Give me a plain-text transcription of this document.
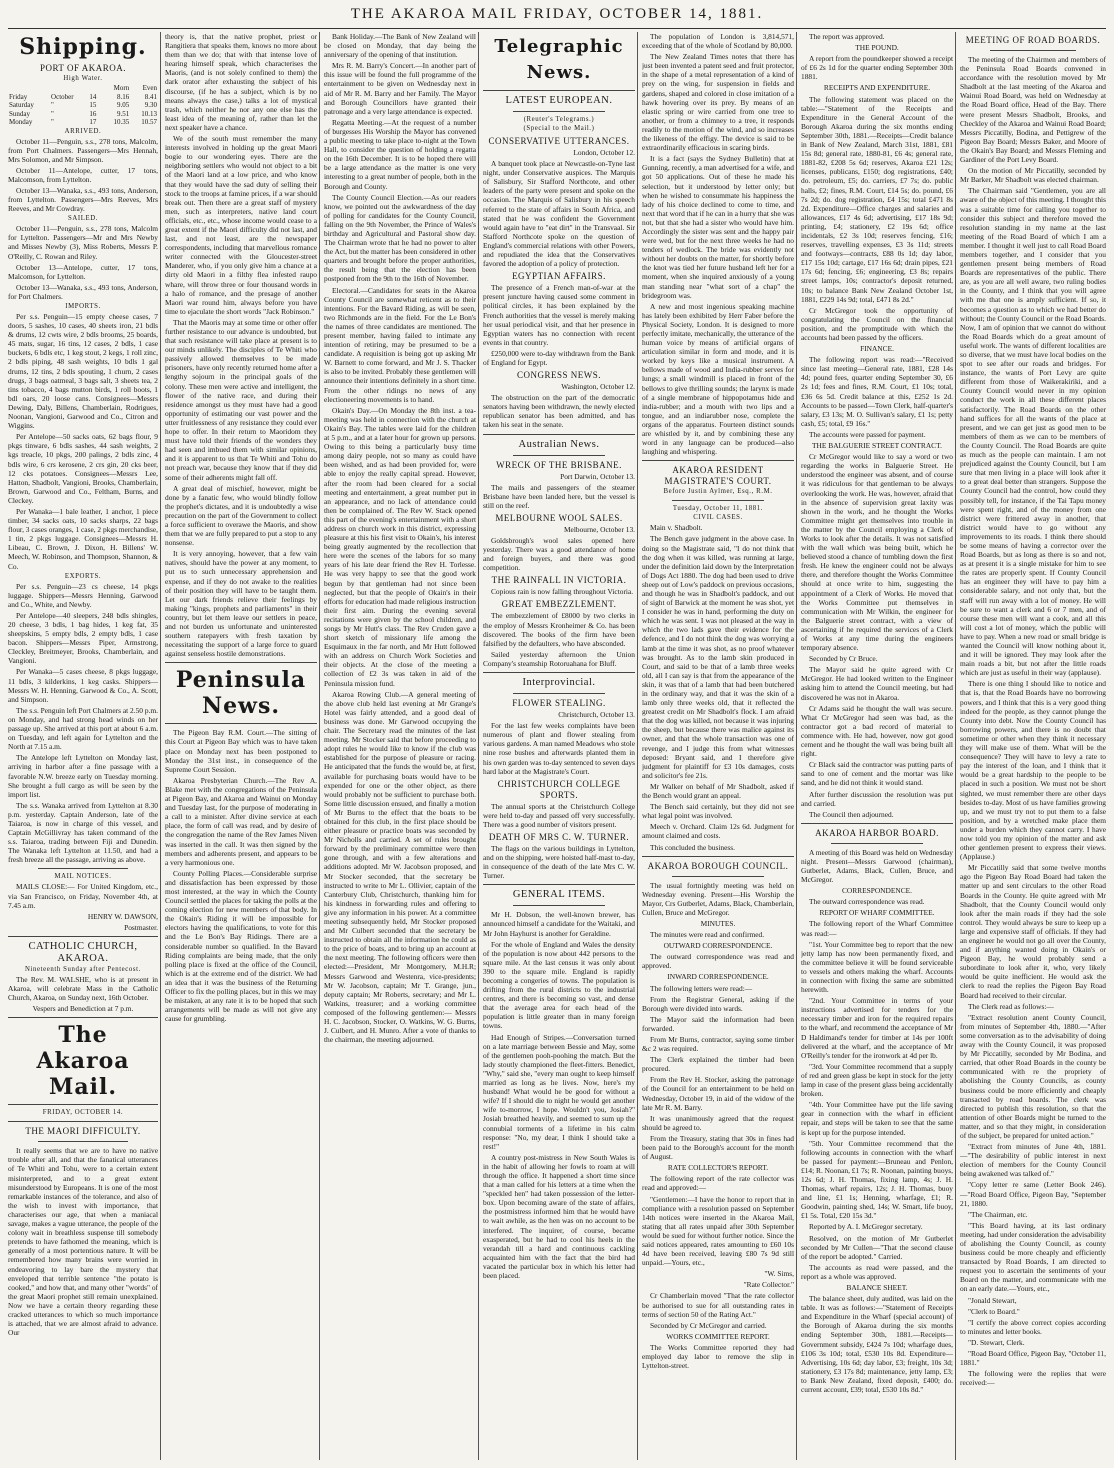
THE AKAROA MAIL FRIDAY, OCTOBER 14, 1881.
Shipping.
PORT OF AKAROA.
High Water.
			Morn	Even
Friday	October	14	8.16	8.41
Saturday	"	15	9.05	9.30
Sunday	"	16	9.51	10.13
Monday	"	17	10.35	10.57
ARRIVED.

October 11—Penguin, s.s., 278 tons, Malcolm, from Port Chalmers. Passengers—Mrs Hennah, Mrs Solomon, and Mr Simpson.

October 11—Antelope, cutter, 17 tons, Malcomson, from Lyttelton.

October 13—Wanaka, s.s., 493 tons, Anderson, from Lyttelton. Passengers—Mrs Reeves, Mrs Reeves, and Mr Cowdray.

SAILED.

October 11—Penguin, s.s., 278 tons, Malcolm for Lyttelton. Passengers—Mr and Mrs Newby and Misses Newby (3), Miss Roberts, Messrs P. O'Reilly, C. Rowan and Riley.

October 13—Antelope, cutter, 17 tons, Malcomson, for Lyttelton.

October 13—Wanaka, s.s., 493 tons, Anderson, for Port Chalmers.

IMPORTS.

Per s.s. Penguin—15 empty cheese cases, 7 doors, 5 sashes, 10 cases, 40 sheets iron, 21 bdls & drums, 12 cwts wire, 2 bdls brooms, 25 boards, 45 mats, sugar, 16 tins, 12 cases, 2 bdls, 1 case buckets, 6 bdls etc, 1 keg stout, 2 kegs, 1 roll zinc, 2 bdls piping, 48 sash weights, 10 bdls 1 gal drums, 12 tins, 2 bdls spouting, 1 churn, 2 cases drugs, 3 bags oatmeal, 3 bags salt, 3 sheets tea, 2 tins tobacco, 4 bags mutton birds, 1 roll boots, 1 bdl oars, 20 loose cans. Consignees—Messrs Dewing, Daly, Billens, Chamberlain, Rodrigues, Noonan, Vangioni, Garwood and Co., Citron and Wiggins.

Per Antelope—50 sacks oats, 62 bags flour, 9 pkgs tinware, 6 bdls sashes, 44 sash weights, 2 kgs treacle, 10 pkgs, 200 palings, 2 bdls zinc, 4 bdls wire, 6 crs kerosene, 2 crs gin, 20 cks beer, 12 cks potatoes. Consignees—Messrs Lee, Hatton, Shadbolt, Vangioni, Brooks, Chamberlain, Brown, Garwood and Co., Feltham, Burns, and Cleckey.

Per Wanaka—1 bale leather, 1 anchor, 1 piece timber, 34 sacks oats, 10 sacks sharps, 22 bags flour, 3 cases oranges, 1 case, 2 pkgs merchandise, 1 tin, 2 pkgs luggage. Consignees—Messrs H. Libeau, C. Brown, J. Dixon, H. Billens' W. Meech, W. Robinson, and Thompson, Shannon, & Co.

EXPORTS.

Per s.s. Penguin—23 cs cheese, 14 pkgs luggage. Shippers—Messrs Henning, Garwood and Co., White, and Newby.

Per Antelope—40 sleepers, 248 bdls shingles, 20 cheese, 3 bdls, 1 bag hides, 1 keg fat, 35 sheepskins, 5 empty bdls, 2 empty bdls, 1 case bacon. Shippers—Messrs Piper, Armstrong, Cleckley, Breitmeyer, Brooks, Chamberlain, and Vangioni.

Per Wanaka—5 cases cheese, 8 pkgs luggage, 11 bdls, 3 kilderkins, 1 keg casks. Shippers—Messrs W. H. Henning, Garwood & Co., A. Scott, and Simpson.

The s.s. Penguin left Port Chalmers at 2.50 p.m. on Monday, and had strong head winds on her passage up. She arrived at this port at about 6 a.m. on Tuesday, and left again for Lyttelton and the North at 7.15 a.m.

The Antelope left Lyttelton on Monday last, arriving in harbor after a fine passage with a favorable N.W. breeze early on Tuesday morning. She brought a full cargo as will be seen by the import list.

The s.s. Wanaka arrived from Lyttelton at 8.30 p.m. yesterday. Captain Anderson, late of the Taiaroa, is now in charge of this vessel, and Captain McGillivray has taken command of the s.s. Taiaroa, trading between Fiji and Dunedin. The Wanaka left Lyttelton at 11.50, and had a fresh breeze all the passage, arriving as above.

MAIL NOTICES.

MAILS CLOSE:— For United Kingdom, etc., via San Francisco, on Friday, November 4th, at 7.45 a.m.

HENRY W. DAWSON,

Postmaster.

CATHOLIC CHURCH, AKAROA.
Nineteenth Sunday after Pentecost.

The Rev. M. WALSHE, who is at present in Akaroa, will celebrate Mass in the Catholic Church, Akaroa, on Sunday next, 16th October.

Vespers and Benediction at 7 p.m.

The Akaroa Mail.
FRIDAY, OCTOBER 14.
THE MAORI DIFFICULTY.

It really seems that we are to have no native trouble after all, and that the fanatical utterances of Te Whiti and Tohu, were to a certain extent misinterpreted, and to a great extent misunderstood by Europeans. It is one of the most remarkable instances of the tolerance, and also of the wish to invest with importance, that characterises our age, that when a maniacal savage, makes a vague utterance, the people of the colony wait in breathless suspense till somebody pretends to have fathomed the meaning, which is generally of a most portentious nature. It will be remembered how many brains were worried in endeavoring to lay bare the mystery that enveloped that terrible sentence "the potato is cooked," and how that, and many other "words" of the great Maori prophet still remain unexplained. Now we have a certain theory regarding these cracked utterances to which so much importance is attached, that we are almost afraid to advance. Our

theory is, that the native prophet, priest or Rangitiera that speaks them, knows no more about them than we do; that with that intense love of hearing himself speak, which characterises the Maoris, (and is not solely confined to them) the dark orator after exhausting the subject of his discourse, (if he has a subject, which is by no means always the case,) talks a lot of mystical trash, which neither he nor any one else has the least idea of the meaning of, rather than let the next speaker have a chance.

We of the south must remember the many interests involved in holding up the great Maori bogie to our wondering eyes. There are the neighboring settlers who would not object to a bit of the Maori land at a low price, and who know that they would have the sad duty of selling their stock to the troops at famine prices, if a war should break out. Then there are a great staff of mystery men, such as interpreters, native land court officials, etc., etc., whose income would cease to a great extent if the Maori difficulty did not last, and last, and not least, are the newspaper correspondents, including that marvellous romance writer connected with the Gloucester-street Manderer, who, if you only give him a chance at a dirty old Maori in a filthy flea infested raupo whare, will throw three or four thousand words in a halo of romance, and the presage of another Maori war round him, always before you have time to ejaculate the short words "Jack Robinson."

That the Maoris may at some time or other offer further resistance to our advance is undoubted, but that such resistance will take place at present is to our minds unlikely. The disciples of Te Whiti who passively allowed themselves to be made prisoners, have only recently returned home after a lengthy sojourn in the principal goals of the colony. These men were active and intelligent, the flower of the native race, and during their residence amongst us they must have had a good opportunity of estimating our vast power and the utter fruitlessness of any resistance they could ever hope to offer. In their return to Maoridom they must have told their friends of the wonders they had seen and imbued them with similar opinions, and it is apparent to us that Te Whiti and Tohu do not preach war, because they know that if they did some of their adherents might fall off.

A great deal of mischief, however, might be done by a fanatic few, who would blindly follow the prophet's dictates, and it is undoubtedly a wise precaution on the part of the Government to collect a force sufficient to overawe the Maoris, and show them that we are fully prepared to put a stop to any nonsense.

It is very annoying, however, that a few vain natives, should have the power at any moment, to put us to such unnecessary apprehension and expense, and if they do not awake to the realities of their position they will have to be taught them. Let our dark friends relieve their feelings by making "kings, prophets and parliaments" in their country, but let them leave our settlers in peace, and not burden us unfortunate and uninterested southern ratepayers with fresh taxation by necessitating the support of a large force to guard against senseless hostile demonstrations.

Peninsula News.

The Pigeon Bay R.M. Court.—The sitting of this Court at Pigeon Bay which was to have taken place on Monday next has been postponed to Monday the 31st inst., in consequence of the Supreme Court Session.

Akaroa Presbyterian Church.—The Rev A. Blake met with the congregations of the Peninsula at Pigeon Bay, and Akaroa and Wainui on Monday and Tuesday last, for the purpose of moderating in a call to a minister. After divine service at each place, the form of call was read, and by desire of the congregation the name of the Rev James Niven was inserted in the call. It was then signed by the members and adherents present, and appears to be a very harmonious one.

County Polling Places.—Considerable surprise and dissatisfaction has been expressed by those most interested, at the way in which the County Council settled the places for taking the polls at the coming election for new members of that body. In the Okain's Riding it will be impossible for electors having the qualifications, to vote for this and the Le Bon's Bay Ridings. There are a considerable number so qualified. In the Bavard Riding complaints are being made, that the only polling place is fixed at the office of the Council, which is at the extreme end of the district. We had an idea that it was the business of the Returning Officer to fix the polling places, but in this we may be mistaken, at any rate it is to be hoped that such arrangements will be made as will not give any cause for grumbling.

Bank Holiday.—The Bank of New Zealand will be closed on Monday, that day being the anniversary of the opening of that institution.

Mrs R. M. Barry's Concert.—In another part of this issue will be found the full programme of the entertainment to be given on Wednesday next in aid of Mr R. M. Barry and her Family. The Mayor and Borough Councillors have granted their patronage and a very large attendance is expected.

Regatta Meeting.—At the request of a number of burgesses His Worship the Mayor has convened a public meeting to take place to-night at the Town Hall, to consider the question of holding a regatta on the 16th December. It is to be hoped there will be a large attendance as the matter is one very interesting to a great number of people, both in the Borough and County.

The County Council Election.—As our readers know, we pointed out the awkwardness of the day of polling for candidates for the County Council, falling on the 9th November, the Prince of Wales's birthday and Agricultural and Pastoral show day. The Chairman wrote that he had no power to alter the Act, but the matter has been considered in other quarters and brought before the proper authorities, the result being that the election has been postponed from the 9th to the 16th of November.

Electoral.—Candidates for seats in the Akaroa County Council are somewhat reticent as to their intentions. For the Bavard Riding, as will be seen, two Richmonds are in the field. For the Le Bon's the names of three candidates are mentioned. The present member, having failed to intimate any intention of retiring, may be presumed to be a candidate. A requisition is being got up asking Mr W. Barnett to come forward, and Mr J. S. Thacker is also to be invited. Probably these gentlemen will announce their intentions definitely in a short time. From the other ridings no news of any electioneering movements is to hand.

Okain's Day.—On Monday the 8th inst. a tea-meeting was held in connection with the church at Okain's Bay. The tables were laid for the children at 5 p.m., and at a later hour for grown up persons. Owing to this being a particularly busy time among dairy people, not so many as could have been wished, and as had been provided for, were able to enjoy the really capital spread. However, after the room had been cleared for a social meeting and entertainment, a great number put in an appearance, and no lack of attendance could then be complained of. The Rev W. Stack opened this part of the evening's entertainment with a short address on church work in this district, expressing pleasure at this his first visit to Okain's, his interest being greatly augmented by the recollection that here were the scenes of the labors for so many years of his late dear friend the Rev H. Torlesse. He was very happy to see that the good work begun by that gentleman had not since been neglected, but that the people of Okain's in their efforts for education had made religious instruction their first aim. During the evening several recitations were given by the school children, and songs by Mr Hutt's class. The Rev Cruden gave a short sketch of missionary life among the Esquimaux in the far north, and Mr Hutt followed with an address on Church Work Societies and their objects. At the close of the meeting a collection of £2 3s was taken in aid of the Peninsula mission fund.

Akaroa Rowing Club.—A general meeting of the above club held last evening at Mr Grange's Hotel was fairly attended, and a good deal of business was done. Mr Garwood occupying the chair. The Secretary read the minutes of the last meeting. Mr Stocker said that before proceeding to adopt rules he would like to know if the club was established for the purpose of pleasure or racing. He anticipated that the funds the would be, at first, available for purchasing boats would have to be expended for one or the other object, as there would probably not be sufficient to purchase both. Some little discussion ensued, and finally a motion of Mr Burns to the effect that the boats to be obtained for this club, in the first place should be either pleasure or practice boats was seconded by Mr Nicholls and carried. A set of rules brought forward by the preliminary committee were then gone through, and with a few alterations and additions adopted. Mr W. Jacobson proposed, and Mr Stocker seconded, that the secretary be instructed to write to Mr L. Ollivier, captain of the Canterbury Club, Christchurch, thanking him for his kindness in forwarding rules and offering to give any information in his power. At a committee meeting subsequently held, Mr Stocker proposed and Mr Culbert seconded that the secretary be instructed to obtain all the information he could as to the price of boats, and to bring up an account at the next meeting. The following officers were then elected:—President, Mr Montgomery, M.H.R; Messrs Garwood and Westenra, vice-presidents; Mr W. Jacobson, captain; Mr T. Grange, jun., deputy captain; Mr Roberts, secretary; and Mr L. Watkins, treasurer; and a working committee composed of the following gentlemen:— Messrs H. C. Jacobson, Stocker, O. Watkins, W. G. Burns, J. Culbert, and H. Munro. After a vote of thanks to the chairman, the meeting adjourned.

Telegraphic News.
LATEST EUROPEAN.
(Reuter's Telegrams.)
(Special to the Mail.)
CONSERVATIVE UTTERANCES.

London, October 12.

A banquet took place at Newcastle-on-Tyne last night, under Conservative auspices. The Marquis of Salisbury, Sir Stafford Northcote, and other leaders of the party were present and spoke on the occasion. The Marquis of Salisbury in his speech referred to the state of affairs in South Africa, and stated that he was confident the Government would again have to "eat dirt" in the Transvaal. Sir Stafford Northcote spoke on the question of England's commercial relations with other Powers, and repudiated the idea that the Conservatives favored the adoption of a policy of protection.

EGYPTIAN AFFAIRS.

The presence of a French man-of-war at the present juncture having caused some comment in political circles, it has been explained by the French authorities that the vessel is merely making her usual periodical visit, and that her presence in Egyptian waters has no connection with recent events in that country.

£250,000 were to-day withdrawn from the Bank of England for Egypt.

CONGRESS NEWS.

Washington, October 12.

The obstruction on the part of the democratic senators having been withdrawn, the newly elected republican senator has been admitted, and has taken his seat in the senate.

Australian News.
WRECK OF THE BRISBANE.

Port Darwin, October 13.

The mails and passengers of the steamer Brisbane have been landed here, but the vessel is still on the reef.

MELBOURNE WOOL SALES.

Melbourne, October 13.

Goldsbrough's wool sales opened here yesterday. There was a good attendance of home and foreign buyers, and there was good competition.

THE RAINFALL IN VICTORIA.

Copious rain is now falling throughout Victoria.

GREAT EMBEZZLEMENT.

The embezzlement of £8000 by two clerks in the employ of Messrs Kronheimer & Co. has been discovered. The books of the firm have been falsified by the defaulters, who have absconded.

Sailed yesterday afternoon the Union Company's steamship Rotoruahana for Bluff.

Interprovincial.
FLOWER STEALING.

Christchurch, October 13.

For the last few weeks complaints have been numerous of plant and flower stealing from various gardens. A man named Meadows who stole nine rose bushes and afterwards planted them in his own garden was to-day sentenced to seven days hard labor at the Magistrate's Court.

CHRISTCHURCH COLLEGE SPORTS.

The annual sports at the Christchurch College were held to-day and passed off very successfully. There was a good number of visitors present.

DEATH OF MRS C. W. TURNER.

The flags on the various buildings in Lyttelton, and on the shipping, were hoisted half-mast to-day, in consequence of the death of the late Mrs C. W. Turner.

GENERAL ITEMS.

Mr H. Dobson, the well-known brewer, has announced himself a candidate for the Waitaki, and Mr John Hayhurst is another for Geraldine.

For the whole of England and Wales the density of the population is now about 442 persons to the square mile. At the last census it was only about 390 to the square mile. England is rapidly becoming a congeries of towns. The population is drifting from the rural districts to the industrial centres, and there is becoming so vast, and dense that the average area for each head of the population is little greater than in many foreign towns.

Had Enough of Stripes.—Conversation turned on a late marriage between Bessie and May, some of the gentlemen pooh-poohing the match. But the lady stoutly championed the fleet-fitters. Benedict, "Why," said she, "every man ought to keep himself married as long as he lives. Now, here's my husband! What would he be good for without a wife? If I should die to night he would get another wife to-morrow, I hope. Wouldn't you, Josiah?" Josiah breathed heavily, and seemed to sum up the connubial torments of a lifetime in his calm response: "No, my dear, I think I should take a rest!"

A country post-mistress in New South Wales is in the habit of allowing her fowls to roam at will through the office. It happened a short time since that a man called for his letters at a time when the "speckled hen" had taken possession of the letter-box. Upon becoming aware of the state of affairs, the postmistress informed him that he would have to wait awhile, as the hen was on no account to be interfered. The inquirer, of course, became exasperated, but he had to cool his heels in the verandah till a hard and continuous cackling acquainted him with the fact that the bird had vacated the particular box in which his letter had been placed.

The population of London is 3,814,571, exceeding that of the whole of Scotland by 80,000.

The New Zealand Times notes that there has just been invented a patent seed and fruit protector, in the shape of a metal representation of a kind of prey on the wing, for suspension in fields and gardens, shaped and colored in close imitation of a hawk hovering over its prey. By means of an elastic spring or wire carried from one tree to another, or from a chimney to a tree, it responds readily to the motion of the wind, and so increases the likeness of the effigy. The device is said to be extraordinarily efficacious in scaring birds.

It is a fact (says the Sydney Bulletin) that at Gunning, recently, a man advertised for a wife, and got 50 applications. Out of these he made his selection, but it understood by letter only; but when he wished to consummate his happiness the lady of his choice declined to come to time, and next that word that if he can in a hurry that she was not, but that she had a sister who would have him. Accordingly the sister was sent and the happy pair were wed, but for the next three weeks he had no tenders of wedlock. The bride was evidently not without her doubts on the matter, for shortly before the knot was tied her future husband left her for a moment, when she inquired anxiously of a young man standing near "what sort of a chap" the bridegroom was.

A new and most ingenious speaking machine has lately been exhibited by Herr Faber before the Physical Society, London. It is designed to more perfectly imitate, mechanically, the utterance of the human voice by means of artificial organs of articulation similar in form and mode, and it is worked by keys like a musical instrument. A bellows made of wood and India-rubber serves for lungs; a small windmill is placed in front of the bellows to give thrilling sounds; the larynx is made of a single membrane of hippopotamus hide and india-rubber; and a mouth with two lips and a tongue, and an indiarubber nose, complete the organs of the apparatus. Fourteen distinct sounds are whistled by it, and by combining these any word in any language can be produced—also laughing and whispering.

AKAROA RESIDENT MAGISTRATE'S COURT.
Before Justin Aylmer, Esq., R.M.
Tuesday, October 11, 1881.
CIVIL CASES.

Main v. Shadbolt.

The Bench gave judgment in the above case. In doing so the Magistrate said, "I do not think that the dog when it was killed, was running at large, under the definition laid down by the Interpretation of Dogs Act 1880. The dog had been used to drive sheep out of Low's paddock on previous occasions, and though he was in Shadbolt's paddock, and out of sight of Barwick at the moment he was shot, yet I consider he was in hand, performing the duty on which he was sent. I was not pleased at the way in which the two lads gave their evidence for the defence, and I do not think the dog was worrying a lamb at the time it was shot, as no proof whatever was brought. As to the lamb skin produced in Court, and said to be that of a lamb three weeks old, all I can say is that from the appearance of the skin, it was that of a lamb that had been butchered in the ordinary way, and that it was the skin of a lamb only three weeks old, that it reflected the greatest credit on Mr Shadbolt's flock. I am afraid that the dog was killed, not because it was injuring the sheep, but because there was malice against its owner, and that the whole transaction was one of revenge, and I judge this from what witnesses deposed: Bryant said, and I therefore give judgment for plaintiff for £3 10s damages, costs and solicitor's fee 21s.

Mr Walker on behalf of Mr Shadbolt, asked if the Bench would grant an appeal.

The Bench said certainly, but they did not see what legal point was involved.

Meech v. Orchard. Claim 12s 6d. Judgment for amount claimed and costs.

This concluded the business.

AKAROA BOROUGH COUNCIL.

The usual fortnightly meeting was held on Wednesday evening. Present—His Worship the Mayor, Crs Gutberlet, Adams, Black, Chamberlain, Cullen, Bruce and McGregor.

MINUTES.

The minutes were read and confirmed.

OUTWARD CORRESPONDENCE.

The outward correspondence was read and approved.

INWARD CORRESPONDENCE.

The following letters were read:—

From the Registrar General, asking if the Borough were divided into wards.

The Mayor said the information had been forwarded.

From Mr Burns, contractor, saying some timber &c 2 was required.

The Clerk explained the timber had been procured.

From the Rev H. Stocker, asking the patronage of the Council for an entertainment to be held on Wednesday, October 19, in aid of the widow of the late Mr R. M. Barry.

It was unanimously agreed that the request should be agreed to.

From the Treasury, stating that 30s in fines had been paid to the Borough's account for the month of August.

RATE COLLECTOR'S REPORT.

The following report of the rate collector was read and approved:—

"Gentlemen:—I have the honor to report that in compliance with a resolution passed on September 14th notices were inserted in the Akaroa Mail, stating that all rates unpaid after 30th September would be sued for without further notice. Since the said notices appeared, rates amounting to £60 10s 4d have been received, leaving £80 7s 9d still unpaid.—Yours, etc.,

"W. Sims,

"Rate Collector."

Cr Chamberlain moved "That the rate collector be authorised to sue for all outstanding rates in terms of section 50 of the Rating Act."

Seconded by Cr McGregor and carried.

WORKS COMMITTEE REPORT.

The Works Committee reported they had employed day labor to remove the slip in Lyttelton-street.

The report was approved.

THE POUND.

A report from the poundkeeper showed a receipt of £6 2s 1d for the quarter ending September 30th 1881.

RECEIPTS AND EXPENDITURE.

The following statement was placed on the table:—"Statement of the Receipts and Expenditure in the General Account of the Borough Akaroa during the six months ending September 30th, 1881.—Receipts—Credit balance in Bank of New Zealand, March 31st, 1881, £81 15s 8d; general rate, 1880-81, £6 4s; general rate, 1881-82, £208 5s 6d; reserves, Akaroa £21 12s; licenses, publicans, £150; dog registrations, £40; do. petroleum, £5; do. carriers, £7 7s; do. public halls, £2; fines, R.M. Court, £14 5s; do. pound, £6 7s 2d; do. dog registration, £4 15s; total £471 8s 2d. Expenditure—Office charges and salaries and allowances, £17 4s 6d; advertising, £17 18s 9d; printing, £4; stationery, £2 19s 6d; office incidentals, £2 3s 10d; reserves fencing, £16; reserves, travelling expenses, £3 3s 11d; streets and footways—contracts, £88 0s 1d; day labor, £17 15s 10d; cartage, £17 16s 6d; drain pipes, £21 17s 6d; fencing, £6; engineering, £3 8s; repairs street lamps, 10s; contractor's deposit returned, 10s; to balance Bank New Zealand October 1st, 1881, £229 14s 9d; total, £471 8s 2d."

Cr McGregor took the opportunity of congratulating the Council on the financial position, and the promptitude with which the accounts had been passed by the officers.

FINANCE.

The following report was read:—"Received since last meeting—General rate, 1881, £28 14s 4d; pound fees, quarter ending September 30, £6 2s 1d; fees and fines, R.M. Court, £1 10s; total, £36 6s 5d. Credit balance at this, £252 1s 2d. Accounts to be passed—Town Clerk, half-quarter's salary, £3 13s; M. O. Sullivan's salary, £1 1s; petty cash, £5; total, £9 16s."

The accounts were passed for payment.

THE BALGUERIE STREET CONTRACT.

Cr McGregor would like to say a word or two regarding the works in Balguerie Street. He understood the engineer was absent, and of course it was ridiculous for that gentleman to be always overlooking the work. He was, however, afraid that in the absence of supervision great laxity was shown in the work, and he thought the Works Committee might get themselves into trouble in the matter by the Council employing a Clerk of Works to look after the details. It was not satisfied with the wall which was being built, which he believed stood a chance of tumbling down the first fresh. He knew the engineer could not be always there, and therefore thought the Works Committee should at once write to him, suggesting the appointment of a Clerk of Works. He moved that the Works Committee put themselves in communication with Mr Wilkin, the engineer for the Balguerie street contract, with a view of ascertaining if he required the services of a Clerk of Works at any time during the engineers temporary absence.

Seconded by Cr Bruce.

The Mayor said he quite agreed with Cr McGregor. He had looked written to the Engineer asking him to attend the Council meeting, but had discovered he was not in Akaroa.

Cr Adams said he thought the wall was secure. What Cr McGregor had seen was bad, as the contractor got a bad record of material to commence with. He had, however, now got good cement and he thought the wall was being built all right.

Cr Black said the contractor was putting parts of sand to one of cement and the mortar was like sand, and he did not think it would stand.

After further discussion the resolution was put and carried.

The Council then adjourned.

AKAROA HARBOR BOARD.

A meeting of this Board was held on Wednesday night. Present—Messrs Garwood (chairman), Gutberlet, Adams, Black, Cullen, Bruce, and McGregor.

CORRESPONDENCE.

The outward correspondence was read.

REPORT OF WHARF COMMITTEE.

The following report of the Wharf Committee was read:—

"1st. Your Committee beg to report that the new jetty lamp has now been permanently fixed, and the committee believe it will be found serviceable to vessels and others making the wharf. Accounts in connection with fixing the same are submitted herewith.

"2nd. Your Committee in terms of your instructions advertised for tenders for the necessary timber and iron for the required repairs to the wharf, and recommend the acceptance of Mr D Haldimand's tender for timber at 14s per 100ft delivered at the wharf, and the acceptance of Mr O'Reilly's tender for the ironwork at 4d per lb.

"3rd. Your Committee recommend that a supply of red and green glass be kept in stock for the jetty lamp in case of the present glass being accidentally broken.

"4th. Your Committee have put the life saving gear in connection with the wharf in efficient repair, and steps will be taken to see that the same is kept up for the purpose intended.

"5th. Your Committee recommend that the following accounts in connection with the wharf be passed for payment:—Bruneau and Penlon, £14; R. Noonan, £1 7s; R. Noonan, painting buoys, 12s 6d; J. H. Thomas, fixing lamp, 4s; J. H. Thomas, wharf repairs, 12s; J. H. Thomas, buoy and line, £1 1s; Henning, wharfage, £1; R. Goodwin, painting shed, 14s; W. Smart, life buoy, £1 5s. Total, £20 15s 3d."

Reported by A. I. McGregor secretary.

Resolved, on the motion of Mr Gutberlet seconded by Mr Cullen—"That the second clause of the report be adopted." Carried.

The accounts as read were passed, and the report as a whole was approved.

BALANCE SHEET.

The balance sheet, duly audited, was laid on the table. It was as follows:—"Statement of Receipts and Expenditure in the Wharf (special account) of the Borough of Akaroa during the six months ending September 30th, 1881.—Receipts—Government subsidy, £424 7s 10d; wharfage dues, £106 3s 10d; total, £530 10s 8d. Expenditure—Advertising, 10s 6d; day labor, £3; freight, 10s 3d; stationery, £3 17s 8d; maintenance, jetty lamp, £3; to Bank New Zealand, fixed deposit, £400; do. current account, £39; total, £530 10s 8d."

MEETING OF ROAD BOARDS.

The meeting of the Chairmen and members of the Peninsula Road Boards convened in accordance with the resolution moved by Mr Shadbolt at the last meeting of the Akaroa and Wainui Road Board, was held on Wednesday at the Road Board office, Head of the Bay. There were present Messrs Shadbolt, Brooks, and Checkley of the Akaroa and Wainui Road Board; Messrs Piccatilly, Bodina, and Pettigrew of the Pigeon Bay Board; Messrs Baker, and Moore of the Okain's Bay Board; and Messrs Fleming and Gardiner of the Port Levy Board.

On the motion of Mr Piccatilly, seconded by Mr Barker, Mr Shadbolt was elected chairman.

The Chairman said "Gentlemen, you are all aware of the object of this meeting. I thought this was a suitable time for calling you together to consider this subject and therefore moved the resolution standing in my name at the last meeting of the Road Board of which I am a member. I thought it well just to call Road Board members together, and I consider that you gentlemen present being members of Road Boards are representatives of the public. There are, as you are all well aware, two ruling bodies in the County, and I think that you will agree with me that one is amply sufficient. If so, it becomes a question as to which we had better do without; the County Council or the Road Boards. Now, I am of opinion that we cannot do without the Road Boards which do a great amount of useful work. The wants of different localities are so diverse, that we must have local bodies on the spot to see after our roads and bridges. For instance, the wants of Port Levy are quite different from those of Waikerakiriki, and a County Council would never in my opinion conduct the work in all these different places satisfactorily. The Road Boards on the other hand suffices for all the wants of the place at present, and we can get just as good men to be members of them as we can to be members of the County Council. The Road Boards are quite as much as the people can maintain. I am not prejudiced against the County Council, but I am sure that men living in a place will look after it to a great deal better than strangers. Suppose the County Council had the control, how could they possibly tell, for instance, if the Tai Tapu money were spent right, and of the money from one district were frittered away in another, that district would have to go without any improvements to its roads. I think there should be some means of having a corrector over the Road Boards, but as long as there is so and not, as at present it is a single mistake for him to see the rates are properly spent. If County Council has an engineer they will have to pay him a considerable salary, and not only that, but the staff will run away with a lot of money. He will be sure to want a clerk and 6 or 7 men, and of course these men will want a cook, and all this will cost a lot of money, which the public will have to pay. When a new road or small bridge is wanted the Council will know nothing about it, and it will be ignored. They may look after the main roads a bit, but not after the little roads which are just as useful in their way (applause).

There is one thing I should like to notice and that is, that the Road Boards have no borrowing powers, and I think that this is a very good thing indeed for the people, as they cannot plunge the County into debt. Now the County Council has borrowing powers, and there is no doubt that sometime or other when they think it necessary they will make use of them. What will be the consequence? They will have to levy a rate to pay the interest of the loan, and I think that it would be a great hardship to the people to be placed in such a position. We must not be short sighted, we must remember there are other days besides to-day. Most of us have families growing up, and we must try not to put them to a false position, and by a wretched make place them under a burden which they cannot carry. I have now told you my opinion of the matter and ask other gentlemen present to express their views. (Applause.)

Mr Piccatilly said that some twelve months ago the Pigeon Bay Road Board had taken the matter up and sent circulars to the other Road Boards in the County. He quite agreed with Mr Shadbolt, that the County Council would only look after the main roads if they had the sole control. They would always be sure to keep up a large and expensive staff of officials. If they had an engineer he would not go all over the County, and if anything wanted doing in Okain's or Pigeon Bay, he would probably send a subordinate to look after it, who, very likely would be quite inefficient. He would ask the clerk to read the replies the Pigeon Bay Road Board had received to their circular.

The Clerk read as follows:—

"Extract resolution anent County Council, from minutes of September 4th, 1880.—"After some conversation as to the advisability of doing away with the County Council, it was proposed by Mr Piccatilly, seconded by Mr Bodina, and carried, that other Road Boards in the county be communicated with re the propriety of abolishing the County Councils, as county business could be more efficiently and cheaply transacted by road boards. The clerk was directed to publish this resolution, so that the attention of other Boards might be turned to the matter, and so that they might, in consideration of the subject, be prepared for united action."

"Extract from minutes of June 4th, 1881.—"The desirability of public interest in next election of members for the County Council being awakened was talked of."

"Copy letter re same (Letter Book 246).—"Road Board Office, Pigeon Bay, "September 21, 1880.

"The Chairman, etc.

"This Board having, at its last ordinary meeting, had under consideration the advisability of abolishing the County Council, as county business could be more cheaply and efficiently transacted by Road Boards, I am directed to request you to ascertain the sentiments of your Board on the matter, and communicate with me on an early date.—Yours, etc.,

"Jonald Stewart,

"Clerk to Board."

"I certify the above correct copies according to minutes and letter books.

"D. Stewart, Clerk.

"Road Board Office, Pigeon Bay, "October 11, 1881."

The following were the replies that were received:—
